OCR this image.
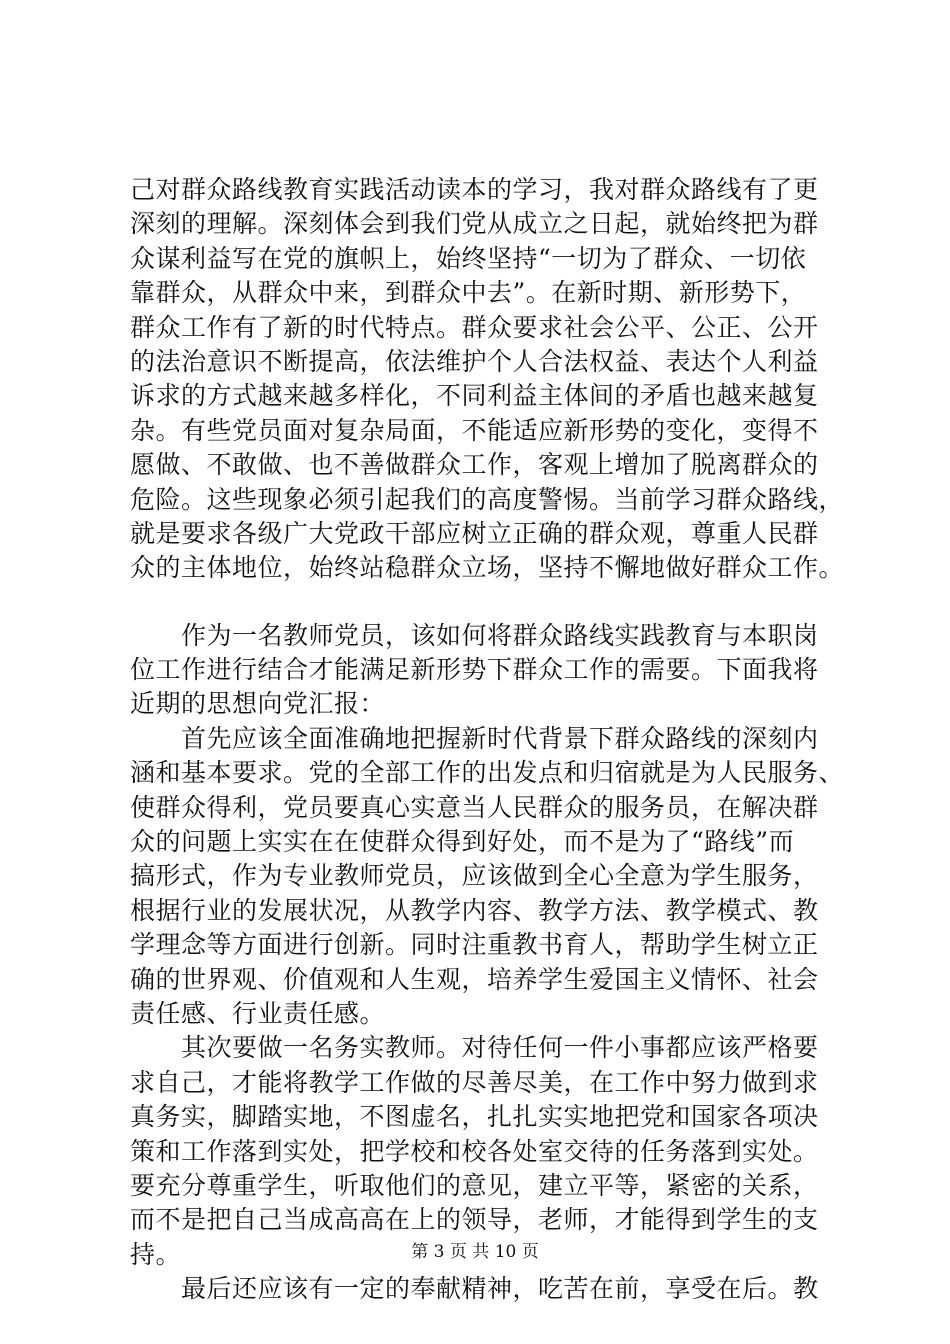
己对群众路线教育实践活动读本的学习，我对群众路线有了更
深刻的理解。深刻体会到我们党从成立之日起，就始终把为群
众谋利益写在党的旗帜上，始终坚持“一切为了群众、一切依
靠群众，从群众中来，到群众中去”。在新时期、新形势下，
群众工作有了新的时代特点。群众要求社会公平、公正、公开
的法治意识不断提高，依法维护个人合法权益、表达个人利益
诉求的方式越来越多样化，不同利益主体间的矛盾也越来越复
杂。有些党员面对复杂局面，不能适应新形势的变化，变得不
愿做、不敢做、也不善做群众工作，客观上增加了脱离群众的
危险。这些现象必须引起我们的高度警惕。当前学习群众路线，
就是要求各级广大党政干部应树立正确的群众观，尊重人民群
众的主体地位，始终站稳群众立场，坚持不懈地做好群众工作。
　　作为一名教师党员，该如何将群众路线实践教育与本职岗
位工作进行结合才能满足新形势下群众工作的需要。下面我将
近期的思想向党汇报：
　　首先应该全面准确地把握新时代背景下群众路线的深刻内
涵和基本要求。党的全部工作的出发点和归宿就是为人民服务、
使群众得利，党员要真心实意当人民群众的服务员，在解决群
众的问题上实实在在使群众得到好处，而不是为了“路线”而
搞形式，作为专业教师党员，应该做到全心全意为学生服务，
根据行业的发展状况，从教学内容、教学方法、教学模式、教
学理念等方面进行创新。同时注重教书育人，帮助学生树立正
确的世界观、价值观和人生观，培养学生爱国主义情怀、社会
责任感、行业责任感。
　　其次要做一名务实教师。对待任何一件小事都应该严格要
求自己，才能将教学工作做的尽善尽美，在工作中努力做到求
真务实，脚踏实地，不图虚名，扎扎实实地把党和国家各项决
策和工作落到实处，把学校和校各处室交待的任务落到实处。
要充分尊重学生，听取他们的意见，建立平等，紧密的关系，
而不是把自己当成高高在上的领导，老师，才能得到学生的支
持。
　　最后还应该有一定的奉献精神，吃苦在前，享受在后。教
第 3 页 共 10 页
